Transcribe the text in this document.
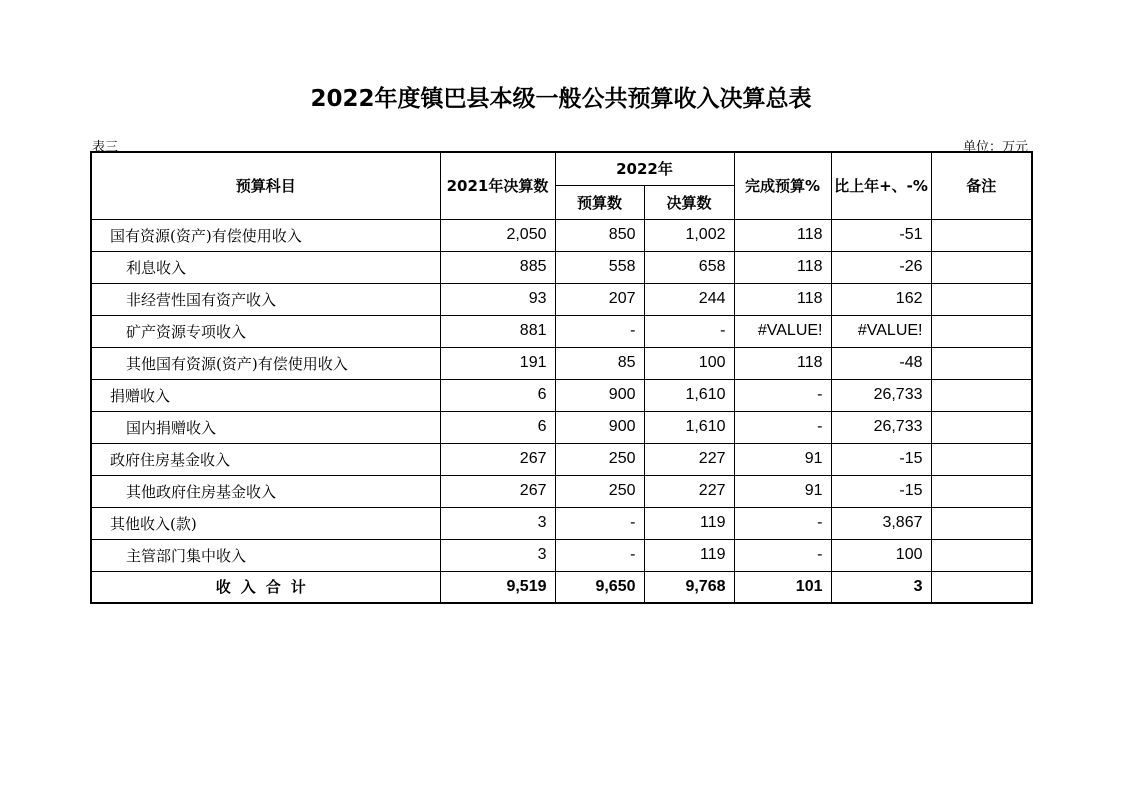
2022年度镇巴县本级一般公共预算收入决算总表
表三	单位：万元
预算科目	2021年决算数	2022年		完成预算%	比上年+、-%	备注
		预算数	决算数			
国有资源(资产)有偿使用收入	2,050	850	1,002	118	-51	
利息收入	885	558	658	118	-26	
非经营性国有资产收入	93	207	244	118	162	
矿产资源专项收入	881	-	-	#VALUE!	#VALUE!	
其他国有资源(资产)有偿使用收入	191	85	100	118	-48	
捐赠收入	6	900	1,610	-	26,733	
国内捐赠收入	6	900	1,610	-	26,733	
政府住房基金收入	267	250	227	91	-15	
其他政府住房基金收入	267	250	227	91	-15	
其他收入(款)	3	-	119	-	3,867	
主管部门集中收入	3	-	119	-	100	
收入合计	9,519	9,650	9,768	101	3	
